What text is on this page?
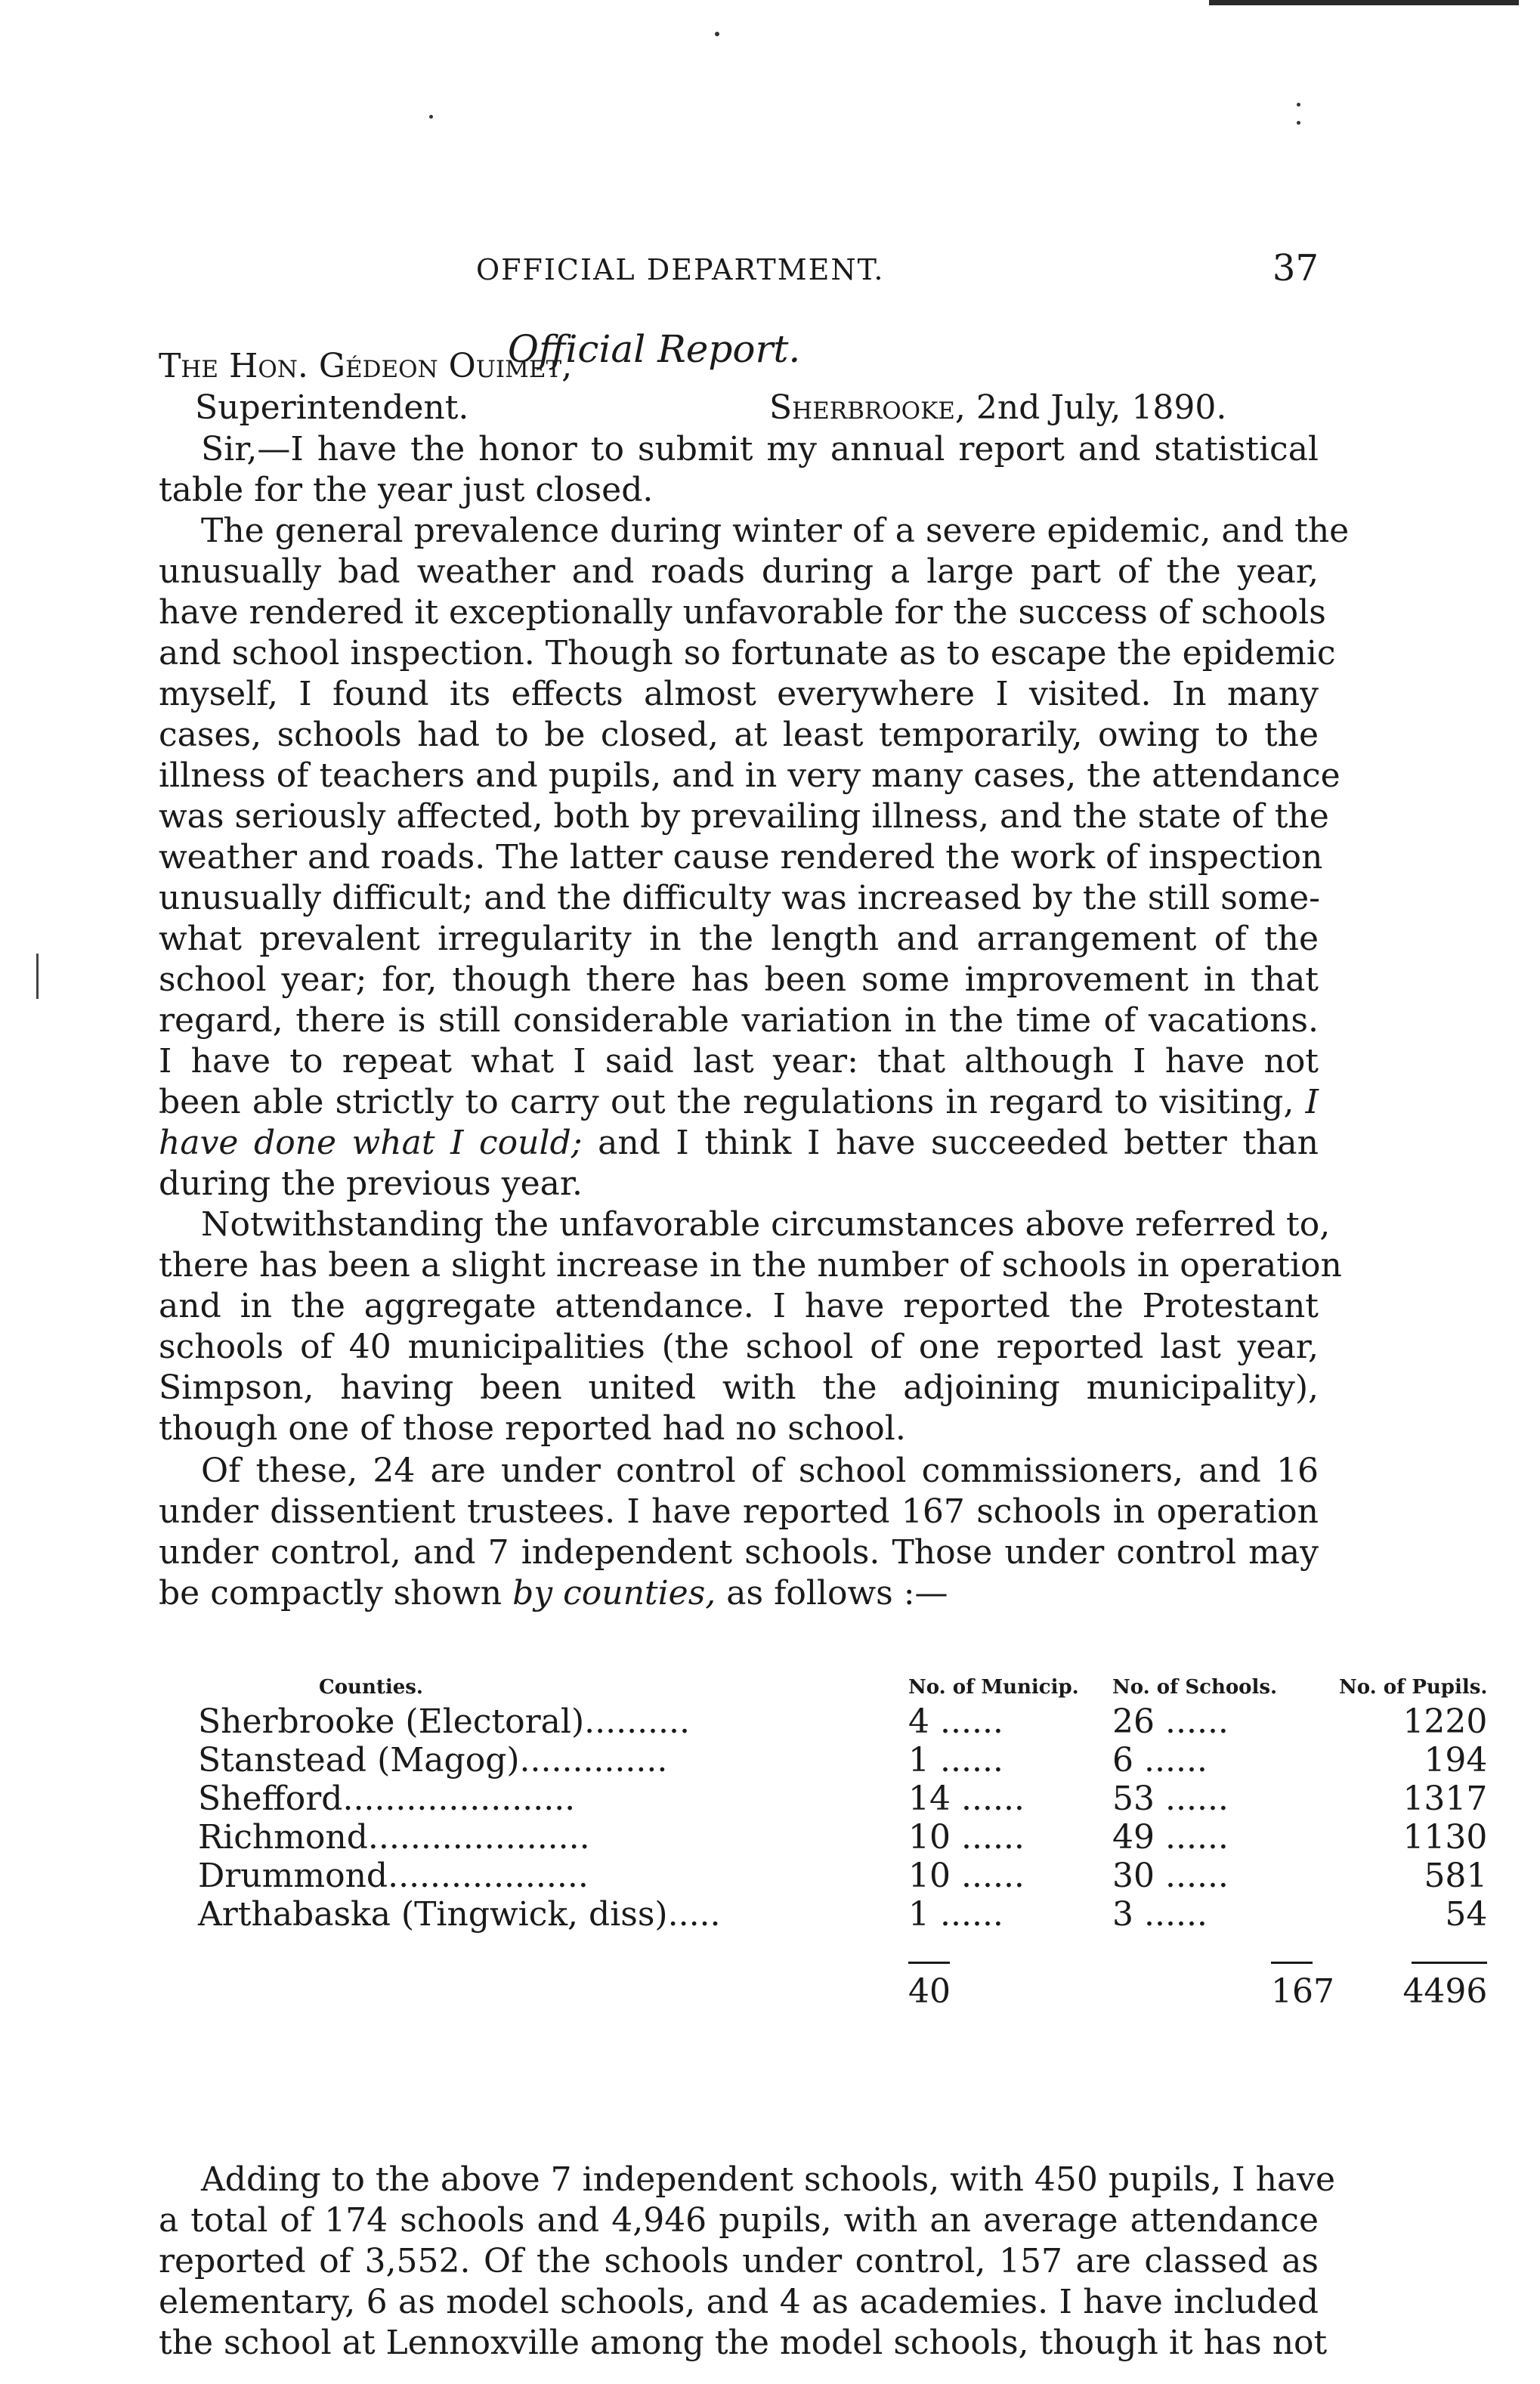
OFFICIAL DEPARTMENT.	37
Official Report.
The Hon. Gédeon Ouimet,
Superintendent.	Sherbrooke, 2nd July, 1890.
Sir,—I have the honor to submit my annual report and statistical
table for the year just closed.
The general prevalence during winter of a severe epidemic, and the
unusually bad weather and roads during a large part of the year,
have rendered it exceptionally unfavorable for the success of schools
and school inspection. Though so fortunate as to escape the epidemic
myself, I found its effects almost everywhere I visited. In many
cases, schools had to be closed, at least temporarily, owing to the
illness of teachers and pupils, and in very many cases, the attendance
was seriously affected, both by prevailing illness, and the state of the
weather and roads. The latter cause rendered the work of inspection
unusually difficult; and the difficulty was increased by the still some-
what prevalent irregularity in the length and arrangement of the
school year; for, though there has been some improvement in that
regard, there is still considerable variation in the time of vacations.
I have to repeat what I said last year: that although I have not
been able strictly to carry out the regulations in regard to visiting, I
have done what I could; and I think I have succeeded better than
during the previous year.
Notwithstanding the unfavorable circumstances above referred to,
there has been a slight increase in the number of schools in operation
and in the aggregate attendance. I have reported the Protestant
schools of 40 municipalities (the school of one reported last year,
Simpson, having been united with the adjoining municipality),
though one of those reported had no school.
Of these, 24 are under control of school commissioners, and 16
under dissentient trustees. I have reported 167 schools in operation
under control, and 7 independent schools. Those under control may
be compactly shown by counties, as follows :—
Counties.	No. of Municip.	No. of Schools.	No. of Pupils.
Sherbrooke (Electoral)..........	4 ......	26 ......	1220
Stanstead (Magog)..............	1 ......	6 ......	194
Shefford......................	14 ......	53 ......	1317
Richmond.....................	10 ......	49 ......	1130
Drummond...................	10 ......	30 ......	581
Arthabaska (Tingwick, diss).....	1 ......	3 ......	54

	40	167	4496
Adding to the above 7 independent schools, with 450 pupils, I have
a total of 174 schools and 4,946 pupils, with an average attendance
reported of 3,552. Of the schools under control, 157 are classed as
elementary, 6 as model schools, and 4 as academies. I have included
the school at Lennoxville among the model schools, though it has not
